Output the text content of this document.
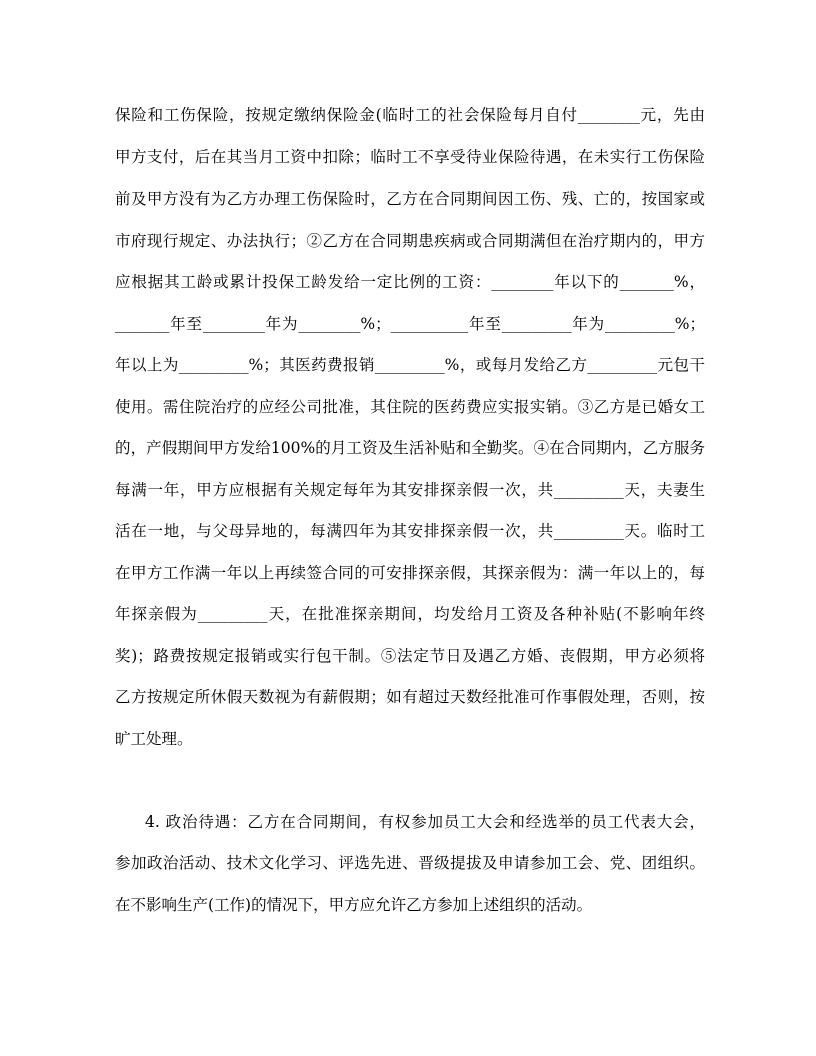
保险和工伤保险，按规定缴纳保险金(临时工的社会保险每月自付________元，先由
甲方支付，后在其当月工资中扣除；临时工不享受待业保险待遇，在未实行工伤保险
前及甲方没有为乙方办理工伤保险时，乙方在合同期间因工伤、残、亡的，按国家或
市府现行规定、办法执行；②乙方在合同期患疾病或合同期满但在治疗期内的，甲方
应根据其工龄或累计投保工龄发给一定比例的工资：________年以下的_______%，
_______年至________年为________%；__________年至_________年为_________%；
年以上为_________%；其医药费报销_________%，或每月发给乙方_________元包干
使用。需住院治疗的应经公司批准，其住院的医药费应实报实销。③乙方是已婚女工
的，产假期间甲方发给100%的月工资及生活补贴和全勤奖。④在合同期内，乙方服务
每满一年，甲方应根据有关规定每年为其安排探亲假一次，共_________天，夫妻生
活在一地，与父母异地的，每满四年为其安排探亲假一次，共_________天。临时工
在甲方工作满一年以上再续签合同的可安排探亲假，其探亲假为：满一年以上的，每
年探亲假为_________天，在批准探亲期间，均发给月工资及各种补贴(不影响年终
奖)；路费按规定报销或实行包干制。⑤法定节日及遇乙方婚、丧假期，甲方必须将
乙方按规定所休假天数视为有薪假期；如有超过天数经批准可作事假处理，否则，按
旷工处理。
4. 政治待遇：乙方在合同期间，有权参加员工大会和经选举的员工代表大会，
参加政治活动、技术文化学习、评选先进、晋级提拔及申请参加工会、党、团组织。
在不影响生产(工作)的情况下，甲方应允许乙方参加上述组织的活动。
